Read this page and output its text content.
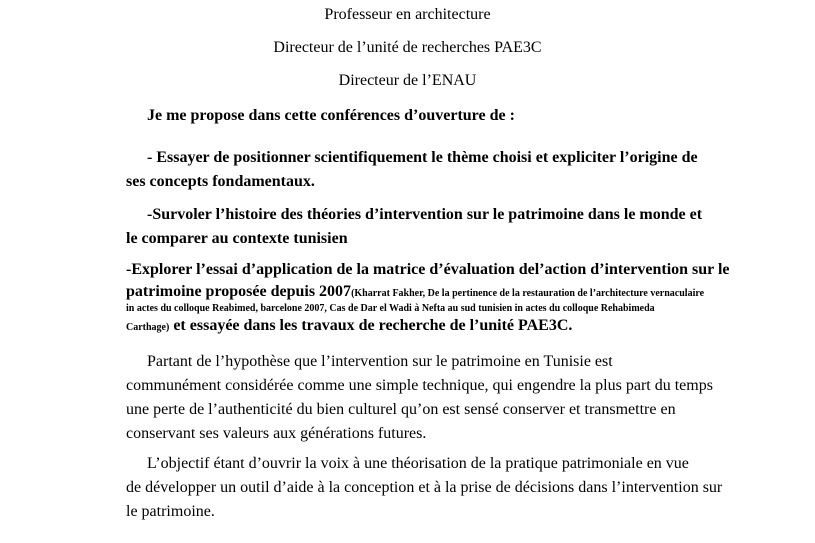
Professeur en architecture
Directeur de l’unité de recherches PAE3C
Directeur de l’ENAU
Je me propose dans cette conférences d’ouverture de :
- Essayer de positionner scientifiquement le thème choisi et expliciter l’origine de
ses concepts fondamentaux.
-Survoler l’histoire des théories d’intervention sur le patrimoine dans le monde et
le comparer au contexte tunisien
-Explorer l’essai d’application de la matrice d’évaluation del’action d’intervention sur le
patrimoine proposée depuis 2007(Kharrat Fakher, De la pertinence de la restauration de l’architecture vernaculaire
in actes du colloque Reabimed, barcelone 2007, Cas de Dar el Wadi à Nefta au sud tunisien in actes du colloque Rehabimeda
Carthage) et essayée dans les travaux de recherche de l’unité PAE3C.
Partant de l’hypothèse que l’intervention sur le patrimoine en Tunisie est
communément considérée comme une simple technique, qui engendre la plus part du temps
une perte de l’authenticité du bien culturel qu’on est sensé conserver et transmettre en
conservant ses valeurs aux générations futures.
L’objectif étant d’ouvrir la voix à une théorisation de la pratique patrimoniale en vue
de développer un outil d’aide à la conception et à la prise de décisions dans l’intervention sur
le patrimoine.
